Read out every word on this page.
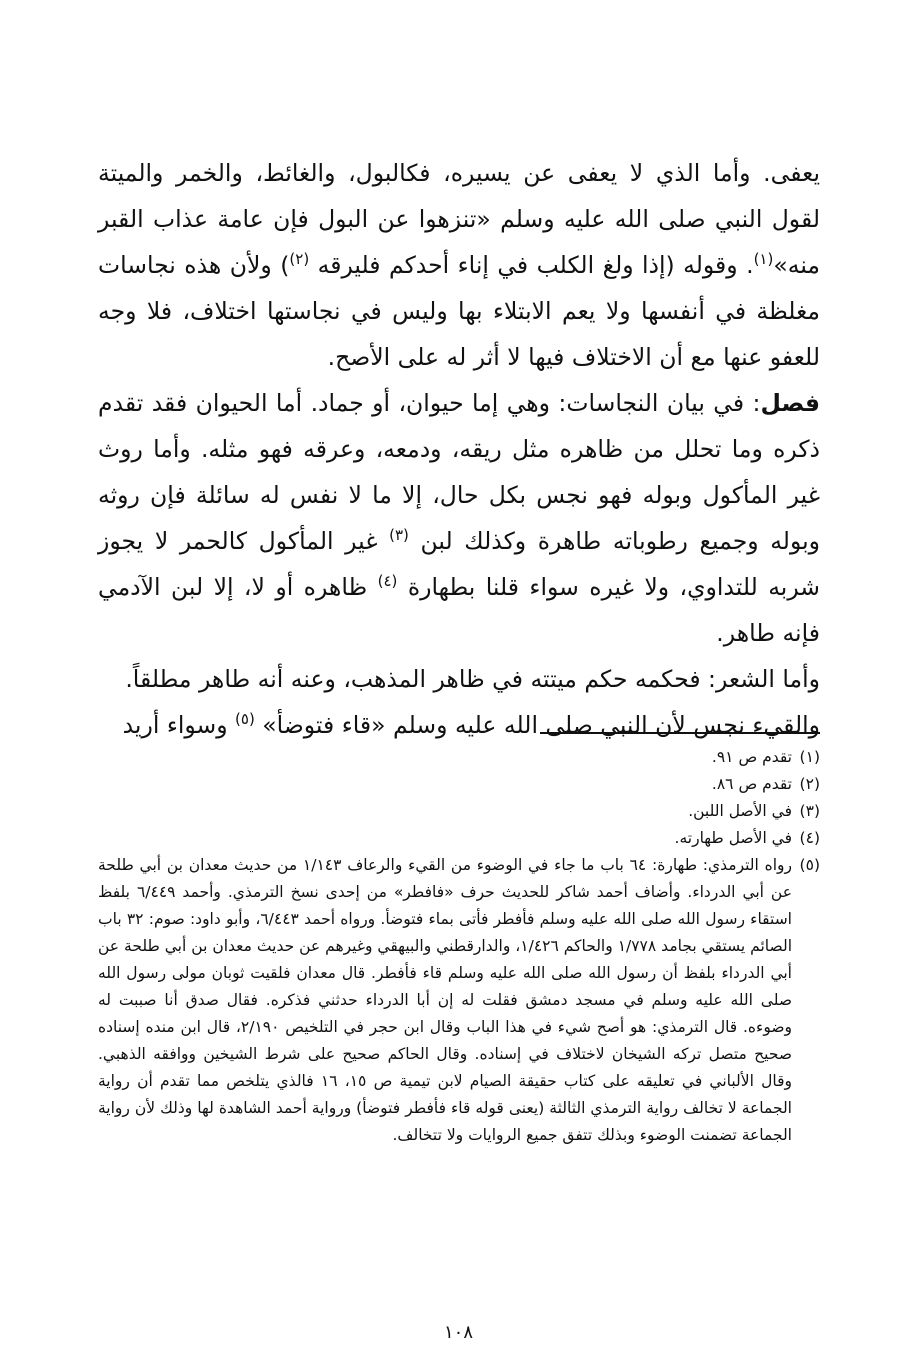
يعفى. وأما الذي لا يعفى عن يسيره، فكالبول، والغائط، والخمر والميتة لقول النبي صلى الله عليه وسلم «تنزهوا عن البول فإن عامة عذاب القبر منه»$^{(١)}$. وقوله (إذا ولغ الكلب في إناء أحدكم فليرقه $^{(٢)}$) ولأن هذه نجاسات مغلظة في أنفسها ولا يعم الابتلاء بها وليس في نجاستها اختلاف، فلا وجه للعفو عنها مع أن الاختلاف فيها لا أثر له على الأصح.

فصل: في بيان النجاسات: وهي إما حيوان، أو جماد. أما الحيوان فقد تقدم ذكره وما تحلل من ظاهره مثل ريقه، ودمعه، وعرقه فهو مثله. وأما روث غير المأكول وبوله فهو نجس بكل حال، إلا ما لا نفس له سائلة فإن روثه وبوله وجميع رطوباته طاهرة وكذلك لبن $^{(٣)}$ غير المأكول كالحمر لا يجوز شربه للتداوي، ولا غيره سواء قلنا بطهارة $^{(٤)}$ ظاهره أو لا، إلا لبن الآدمي فإنه طاهر.

وأما الشعر: فحكمه حكم ميتته في ظاهر المذهب، وعنه أنه طاهر مطلقاً.

والقيء نجس لأن النبي صلى الله عليه وسلم «قاء فتوضأ» $^{(٥)}$ وسواء أريد

(١)
تقدم ص ٩١.

(٢)
تقدم ص ٨٦.

(٣)
في الأصل اللبن.

(٤)
في الأصل طهارته.

(٥)
رواه الترمذي: طهارة: ٦٤ باب ما جاء في الوضوء من القيء والرعاف ١/١٤٣ من حديث معدان بن أبي طلحة عن أبي الدرداء. وأضاف أحمد شاكر للحديث حرف «فافطر» من إحدى نسخ الترمذي. وأحمد ٦/٤٤٩ بلفظ استقاء رسول الله صلى الله عليه وسلم فأفطر فأتى بماء فتوضأ. ورواه أحمد ٦/٤٤٣، وأبو داود: صوم: ٣٢ باب الصائم يستقي بجامد ١/٧٧٨ والحاكم ١/٤٢٦، والدارقطني والبيهقي وغيرهم عن حديث معدان بن أبي طلحة عن أبي الدرداء بلفظ أن رسول الله صلى الله عليه وسلم قاء فأفطر. قال معدان فلقيت ثوبان مولى رسول الله صلى الله عليه وسلم في مسجد دمشق فقلت له إن أبا الدرداء حدثني فذكره. فقال صدق أنا صببت له وضوءه. قال الترمذي: هو أصح شيء في هذا الباب وقال ابن حجر في التلخيص ٢/١٩٠، قال ابن منده إسناده صحيح متصل تركه الشيخان لاختلاف في إسناده. وقال الحاكم صحيح على شرط الشيخين ووافقه الذهبي. وقال الألباني في تعليقه على كتاب حقيقة الصيام لابن تيمية ص ١٥، ١٦ فالذي يتلخص مما تقدم أن رواية الجماعة لا تخالف رواية الترمذي الثالثة (يعنى قوله قاء فأفطر فتوضأ) ورواية أحمد الشاهدة لها وذلك لأن رواية الجماعة تضمنت الوضوء وبذلك تتفق جميع الروايات ولا تتخالف.

١٠٨
